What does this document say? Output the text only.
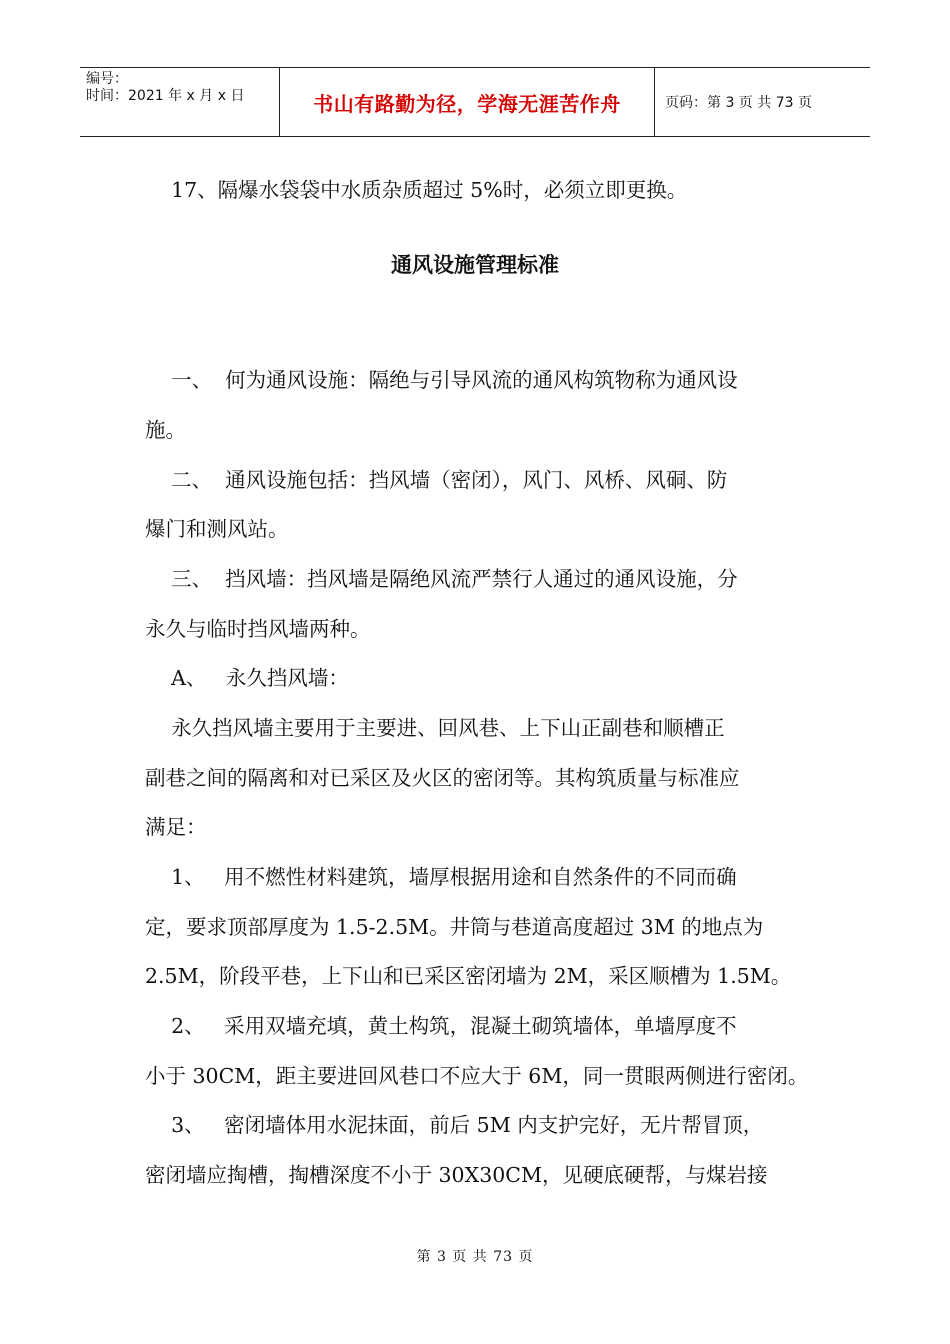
编号：
时间：2021 年 x 月 x 日	书山有路勤为径，学海无涯苦作舟	页码：第 3 页 共 73 页
17、隔爆水袋袋中水质杂质超过 5%时，必须立即更换。
通风设施管理标准
一、  何为通风设施：隔绝与引导风流的通风构筑物称为通风设
施。
二、  通风设施包括：挡风墙（密闭），风门、风桥、风硐、防
爆门和测风站。
三、  挡风墙：挡风墙是隔绝风流严禁行人通过的通风设施，分
永久与临时挡风墙两种。
A、   永久挡风墙：
永久挡风墙主要用于主要进、回风巷、上下山正副巷和顺槽正
副巷之间的隔离和对已采区及火区的密闭等。其构筑质量与标准应
满足：
1、   用不燃性材料建筑，墙厚根据用途和自然条件的不同而确
定，要求顶部厚度为 1.5-2.5M。井筒与巷道高度超过 3M 的地点为
2.5M，阶段平巷，上下山和已采区密闭墙为 2M，采区顺槽为 1.5M。
2、   采用双墙充填，黄土构筑，混凝土砌筑墙体，单墙厚度不
小于 30CM，距主要进回风巷口不应大于 6M，同一贯眼两侧进行密闭。
3、   密闭墙体用水泥抹面，前后 5M 内支护完好，无片帮冒顶，
密闭墙应掏槽，掏槽深度不小于 30X30CM，见硬底硬帮，与煤岩接
第 3 页 共 73 页
